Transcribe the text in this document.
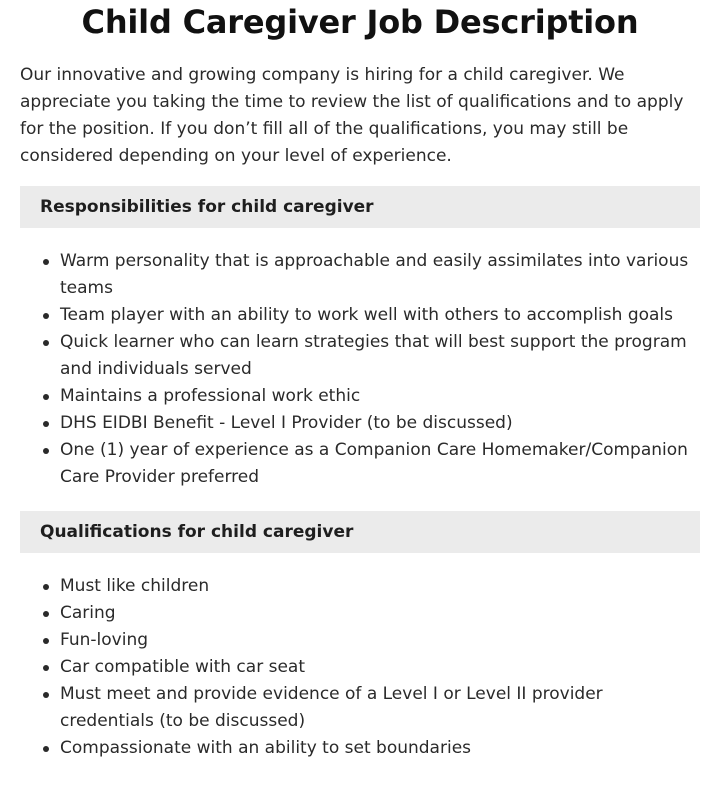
Child Caregiver Job Description

Our innovative and growing company is hiring for a child caregiver. We appreciate you taking the time to review the list of qualifications and to apply for the position. If you don’t fill all of the qualifications, you may still be considered depending on your level of experience.

Responsibilities for child caregiver
Warm personality that is approachable and easily assimilates into various teams
Team player with an ability to work well with others to accomplish goals
Quick learner who can learn strategies that will best support the program and individuals served
Maintains a professional work ethic
DHS EIDBI Benefit - Level I Provider (to be discussed)
One (1) year of experience as a Companion Care Homemaker/Companion Care Provider preferred
Qualifications for child caregiver
Must like children
Caring
Fun-loving
Car compatible with car seat
Must meet and provide evidence of a Level I or Level II provider credentials (to be discussed)
Compassionate with an ability to set boundaries
